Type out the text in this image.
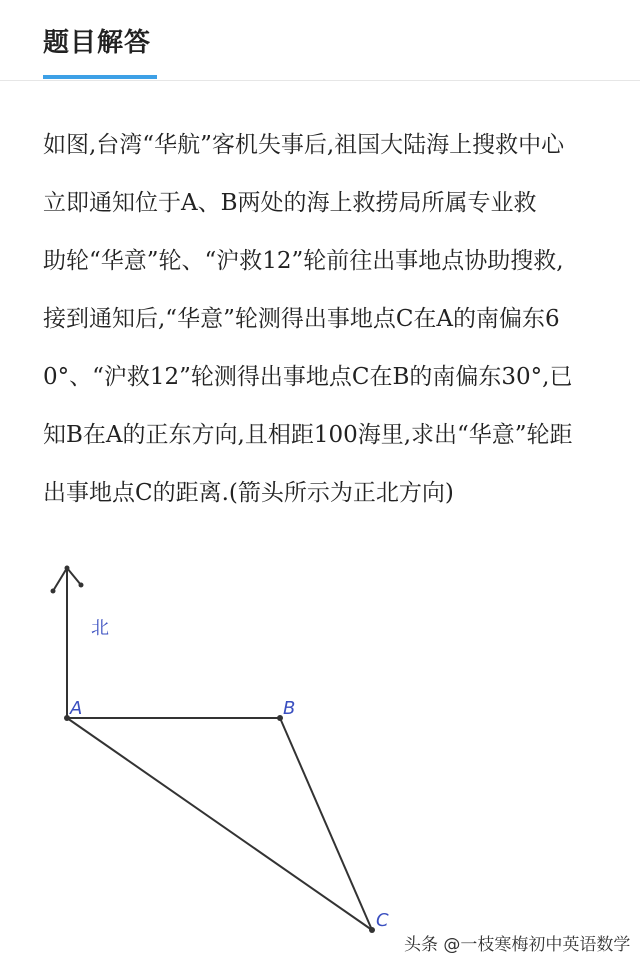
题目解答
如图,台湾“华航”客机失事后,祖国大陆海上搜救中心
立即通知位于A、B两处的海上救捞局所属专业救
助轮“华意”轮、“沪救12”轮前往出事地点协助搜救,
接到通知后,“华意”轮测得出事地点C在A的南偏东6
0°、“沪救12”轮测得出事地点C在B的南偏东30°,已
知B在A的正东方向,且相距100海里,求出“华意”轮距
出事地点C的距离.(箭头所示为正北方向)
北
A	B
C
头条 @一枝寒梅初中英语数学
